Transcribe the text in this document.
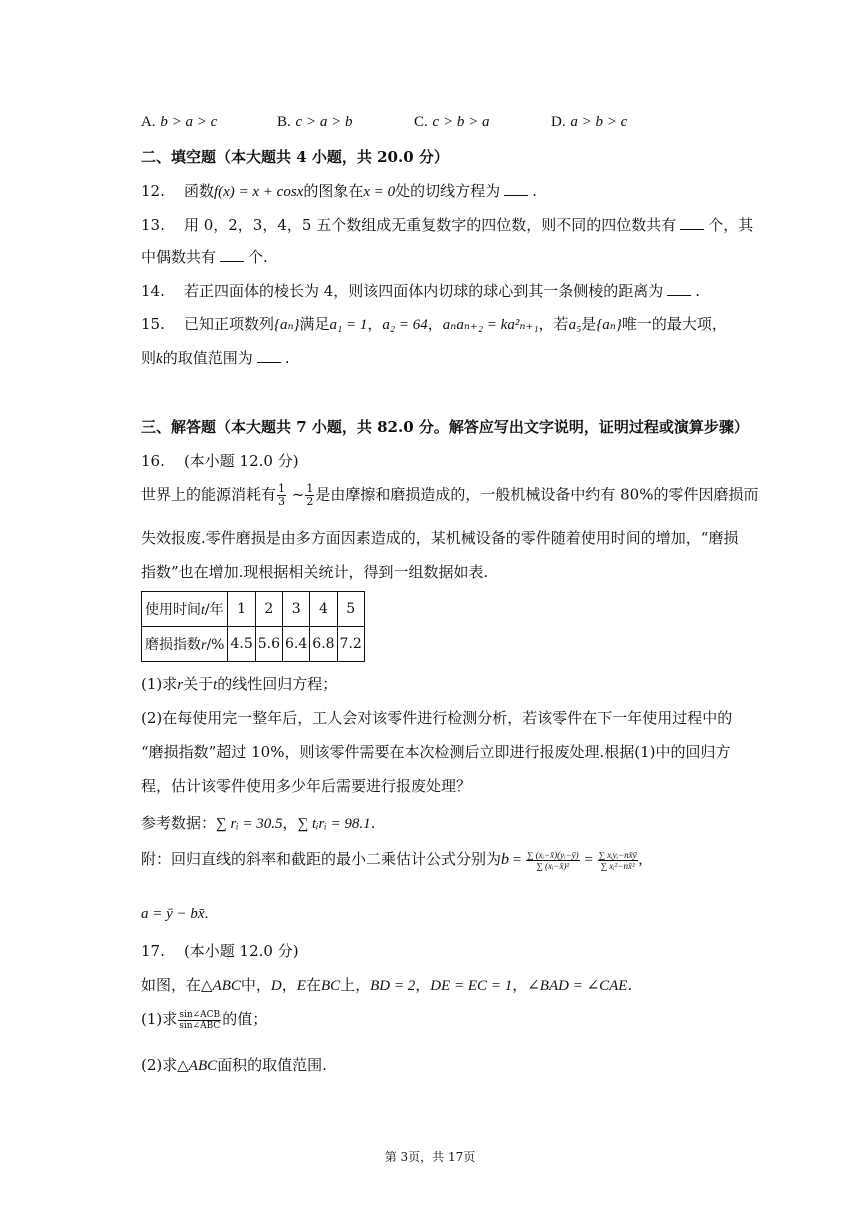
A. b > a > c	B. c > a > b	C. c > b > a	D. a > b > c
二、填空题（本大题共 4 小题，共 20.0 分）
12. 函数f(x) = x + cosx的图象在x = 0处的切线方程为 .
13. 用 0，2，3，4，5 五个数组成无重复数字的四位数，则不同的四位数共有 个，其
中偶数共有 个.
14. 若正四面体的棱长为 4，则该四面体内切球的球心到其一条侧棱的距离为 .
15. 已知正项数列{aₙ}满足a₁ = 1，a₂ = 64，aₙaₙ₊₂ = ka²ₙ₊₁，若a₅是{aₙ}唯一的最大项，
则k的取值范围为 .
三、解答题（本大题共 7 小题，共 82.0 分。解答应写出文字说明，证明过程或演算步骤）
16. (本小题 12.0 分)
世界上的能源消耗有 $\frac{1}{3}$ ~ $\frac{1}{2}$ 是由摩擦和磨损造成的，一般机械设备中约有 80%的零件因磨损而
失效报废.零件磨损是由多方面因素造成的，某机械设备的零件随着使用时间的增加，“磨损
指数”也在增加.现根据相关统计，得到一组数据如表.
使用时间t/年	1	2	3	4	5
磨损指数r/%	4.5	5.6	6.4	6.8	7.2
(1)求r关于t的线性回归方程；
(2)在每使用完一整年后，工人会对该零件进行检测分析，若该零件在下一年使用过程中的
“磨损指数”超过 10%，则该零件需要在本次检测后立即进行报废处理.根据(1)中的回归方
程，估计该零件使用多少年后需要进行报废处理？
参考数据：∑ rᵢ = 30.5，∑ tᵢrᵢ = 98.1.
附：回归直线的斜率和截距的最小二乘估计公式分别为$b = \frac{\text{∑ (xᵢ−x̄)(yᵢ−ȳ)}}{\text{∑ (xᵢ−x̄)²}} = \frac{\text{∑ xᵢyᵢ−nx̄ȳ}}{\text{∑ xᵢ²−nx̄²}}$ ,
a = ȳ − bx̄.
17. (本小题 12.0 分)
如图，在△ABC中，D，E在BC上，BD = 2，DE = EC = 1，∠BAD = ∠CAE.
(1)求 $\frac{\text{sin∠ACB}}{\text{sin∠ABC}}$ 的值；
(2)求△ABC面积的取值范围.
第 3页，共 17页
